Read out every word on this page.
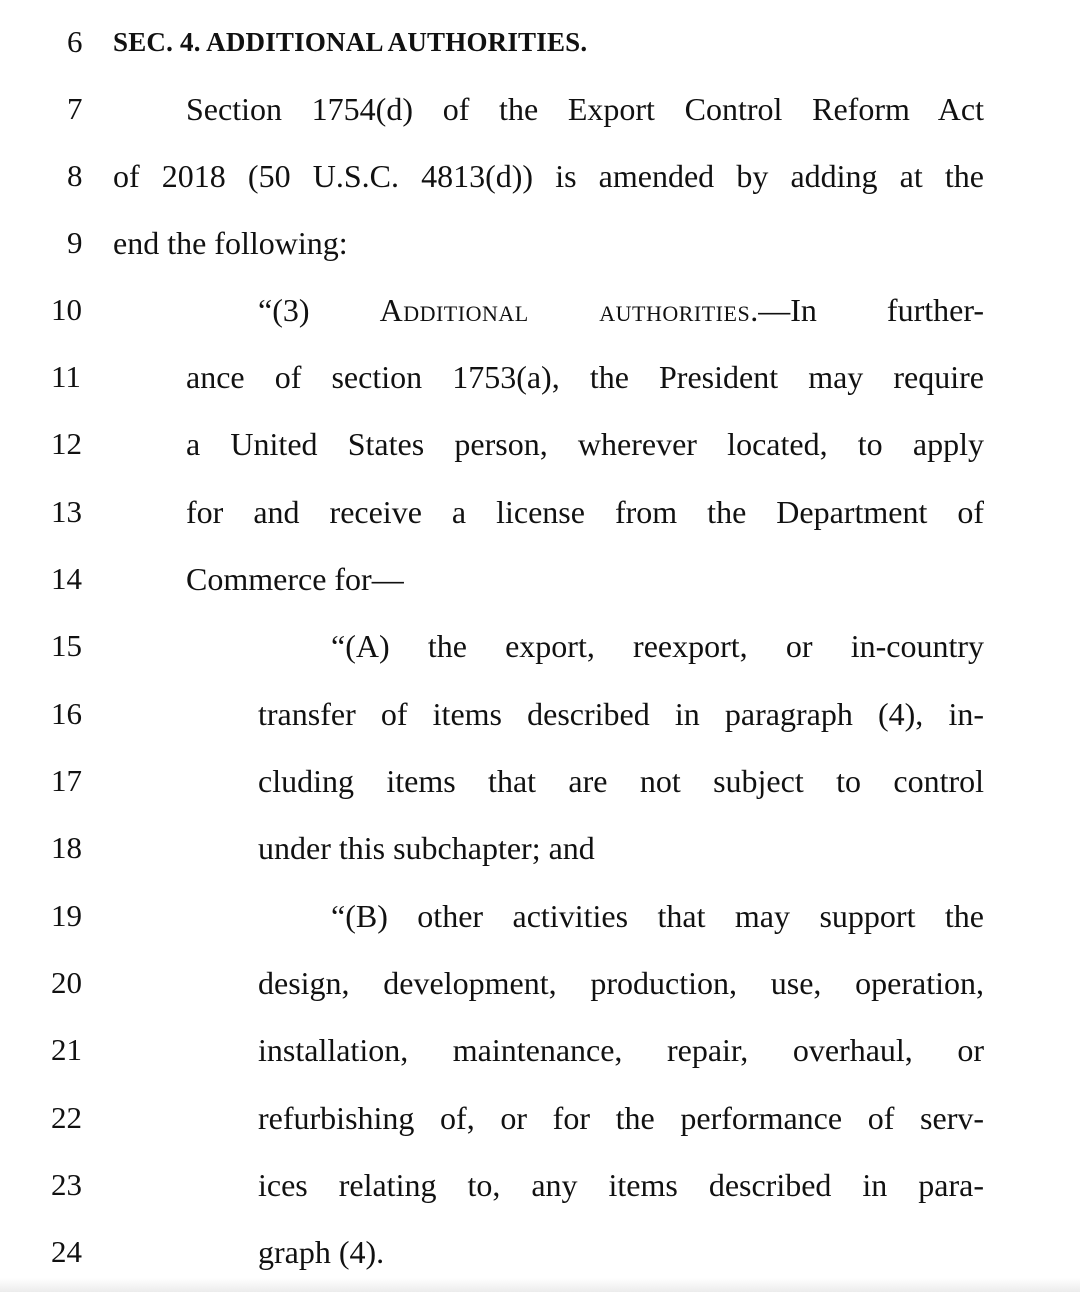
6 SEC. 4. ADDITIONAL AUTHORITIES.
7	Section 1754(d) of the Export Control Reform Act
8 of 2018 (50 U.S.C. 4813(d)) is amended by adding at the
9 end the following:
10	“(3) Additional authorities.—In further-
11	ance of section 1753(a), the President may require
12	a United States person, wherever located, to apply
13	for and receive a license from the Department of
14	Commerce for—
15	“(A) the export, reexport, or in-country
16	transfer of items described in paragraph (4), in-
17	cluding items that are not subject to control
18	under this subchapter; and
19	“(B) other activities that may support the
20	design, development, production, use, operation,
21	installation, maintenance, repair, overhaul, or
22	refurbishing of, or for the performance of serv-
23	ices relating to, any items described in para-
24	graph (4).
